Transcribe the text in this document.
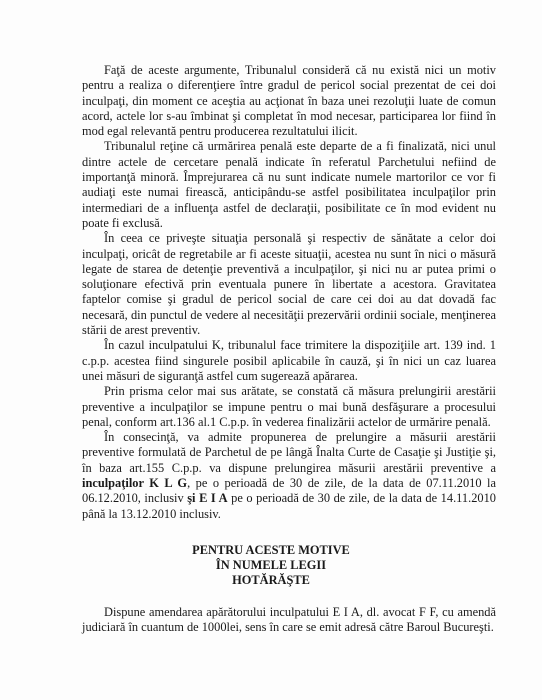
Faţă de aceste argumente, Tribunalul consideră că nu există nici un motiv pentru a realiza o diferenţiere între gradul de pericol social prezentat de cei doi inculpaţi, din moment ce aceştia au acţionat în baza unei rezoluţii luate de comun acord, actele lor s-au îmbinat şi completat în mod necesar, participarea lor fiind în mod egal relevantă pentru producerea rezultatului ilicit.

Tribunalul reţine că urmărirea penală este departe de a fi finalizată, nici unul dintre actele de cercetare penală indicate în referatul Parchetului nefiind de importanţă minoră. Împrejurarea că nu sunt indicate numele martorilor ce vor fi audiaţi este numai firească, anticipându-se astfel posibilitatea inculpaţilor prin intermediari de a influenţa astfel de declaraţii, posibilitate ce în mod evident nu poate fi exclusă.

În ceea ce priveşte situaţia personală şi respectiv de sănătate a celor doi inculpaţi, oricât de regretabile ar fi aceste situaţii, acestea nu sunt în nici o măsură legate de starea de detenţie preventivă a inculpaţilor, şi nici nu ar putea primi o soluţionare efectivă prin eventuala punere în libertate a acestora. Gravitatea faptelor comise şi gradul de pericol social de care cei doi au dat dovadă fac necesară, din punctul de vedere al necesităţii prezervării ordinii sociale, menţinerea stării de arest preventiv.

În cazul inculpatului K, tribunalul face trimitere la dispoziţiile art. 139 ind. 1 c.p.p. acestea fiind singurele posibil aplicabile în cauză, şi în nici un caz luarea unei măsuri de siguranţă astfel cum sugerează apărarea.

Prin prisma celor mai sus arătate, se constată că măsura prelungirii arestării preventive a inculpaţilor se impune pentru o mai bună desfăşurare a procesului penal, conform art.136 al.1 C.p.p. în vederea finalizării actelor de urmărire penală.

În consecinţă, va admite propunerea de prelungire a măsurii arestării preventive formulată de Parchetul de pe lângă Înalta Curte de Casaţie şi Justiţie şi, în baza art.155 C.p.p. va dispune prelungirea măsurii arestării preventive a inculpaţilor K L G, pe o perioadă de 30 de zile, de la data de 07.11.2010 la 06.12.2010, inclusiv şi E I A pe o perioadă de 30 de zile, de la data de 14.11.2010 până la 13.12.2010 inclusiv.

PENTRU ACESTE MOTIVE
ÎN NUMELE LEGII
HOTĂRĂŞTE

Dispune amendarea apărătorului inculpatului E I A, dl. avocat F F, cu amendă judiciară în cuantum de 1000lei, sens în care se emit adresă către Baroul Bucureşti.
